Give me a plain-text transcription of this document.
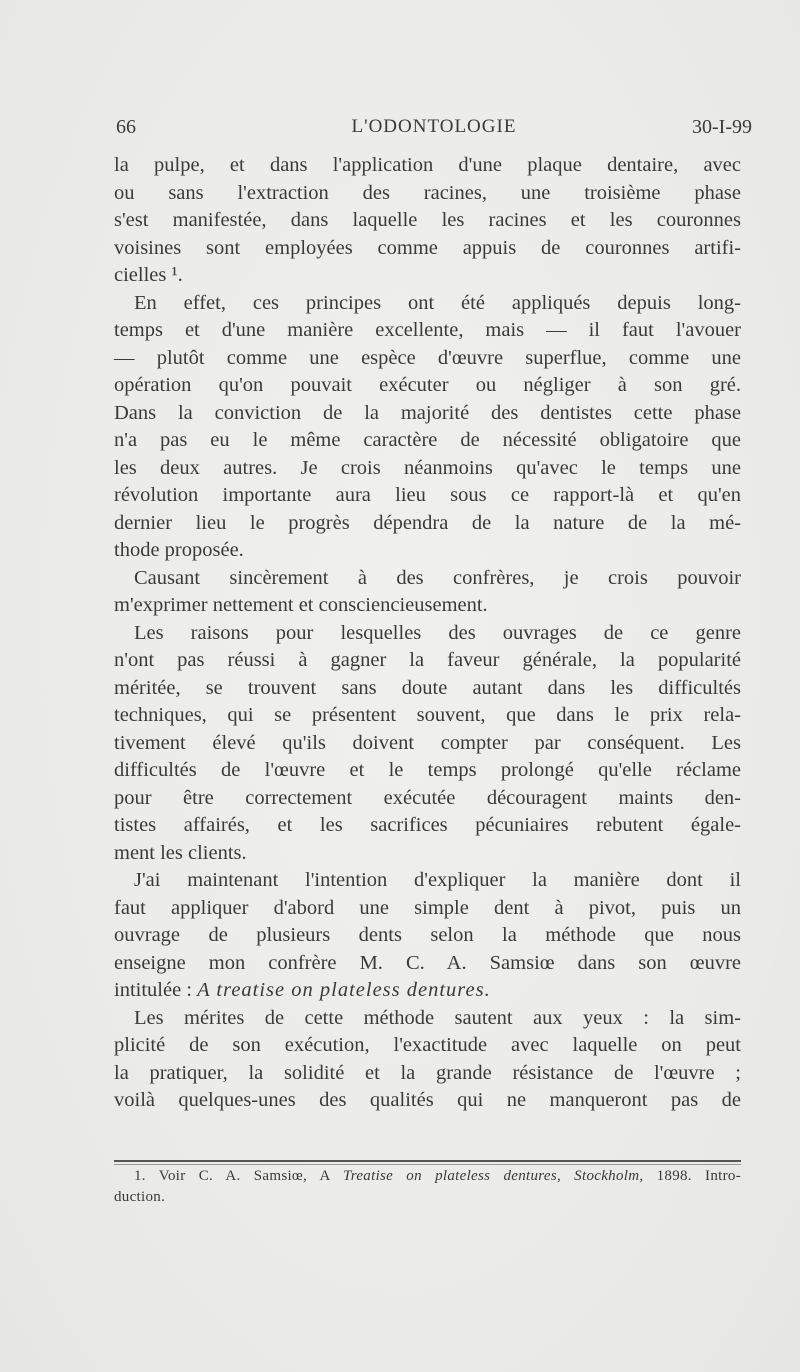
66	L'ODONTOLOGIE	30-I-99
la pulpe, et dans l'application d'une plaque dentaire, avec
ou sans l'extraction des racines, une troisième phase
s'est manifestée, dans laquelle les racines et les couronnes
voisines sont employées comme appuis de couronnes artifi-
cielles ¹.
En effet, ces principes ont été appliqués depuis long-
temps et d'une manière excellente, mais — il faut l'avouer
— plutôt comme une espèce d'œuvre superflue, comme une
opération qu'on pouvait exécuter ou négliger à son gré.
Dans la conviction de la majorité des dentistes cette phase
n'a pas eu le même caractère de nécessité obligatoire que
les deux autres. Je crois néanmoins qu'avec le temps une
révolution importante aura lieu sous ce rapport-là et qu'en
dernier lieu le progrès dépendra de la nature de la mé-
thode proposée.
Causant sincèrement à des confrères, je crois pouvoir
m'exprimer nettement et consciencieusement.
Les raisons pour lesquelles des ouvrages de ce genre
n'ont pas réussi à gagner la faveur générale, la popularité
méritée, se trouvent sans doute autant dans les difficultés
techniques, qui se présentent souvent, que dans le prix rela-
tivement élevé qu'ils doivent compter par conséquent. Les
difficultés de l'œuvre et le temps prolongé qu'elle réclame
pour être correctement exécutée découragent maints den-
tistes affairés, et les sacrifices pécuniaires rebutent égale-
ment les clients.
J'ai maintenant l'intention d'expliquer la manière dont il
faut appliquer d'abord une simple dent à pivot, puis un
ouvrage de plusieurs dents selon la méthode que nous
enseigne mon confrère M. C. A. Samsiœ dans son œuvre
intitulée : A treatise on plateless dentures.
Les mérites de cette méthode sautent aux yeux : la sim-
plicité de son exécution, l'exactitude avec laquelle on peut
la pratiquer, la solidité et la grande résistance de l'œuvre ;
voilà quelques-unes des qualités qui ne manqueront pas de
1. Voir C. A. Samsiœ, A Treatise on plateless dentures, Stockholm, 1898. Intro-
duction.
